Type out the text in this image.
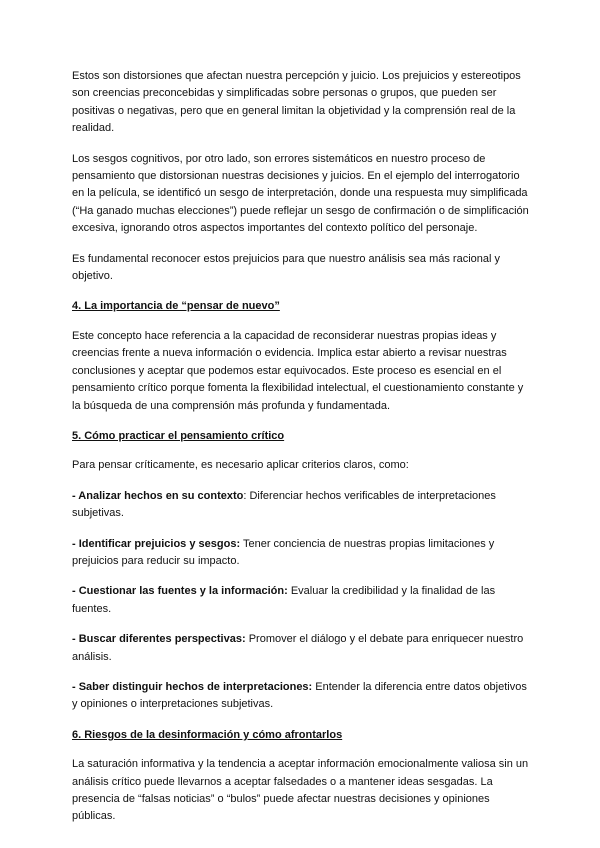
Estos son distorsiones que afectan nuestra percepción y juicio. Los prejuicios y estereotipos son creencias preconcebidas y simplificadas sobre personas o grupos, que pueden ser positivas o negativas, pero que en general limitan la objetividad y la comprensión real de la realidad.

Los sesgos cognitivos, por otro lado, son errores sistemáticos en nuestro proceso de pensamiento que distorsionan nuestras decisiones y juicios. En el ejemplo del interrogatorio en la película, se identificó un sesgo de interpretación, donde una respuesta muy simplificada (“Ha ganado muchas elecciones”) puede reflejar un sesgo de confirmación o de simplificación excesiva, ignorando otros aspectos importantes del contexto político del personaje.

Es fundamental reconocer estos prejuicios para que nuestro análisis sea más racional y objetivo.

4. La importancia de “pensar de nuevo”

Este concepto hace referencia a la capacidad de reconsiderar nuestras propias ideas y creencias frente a nueva información o evidencia. Implica estar abierto a revisar nuestras conclusiones y aceptar que podemos estar equivocados. Este proceso es esencial en el pensamiento crítico porque fomenta la flexibilidad intelectual, el cuestionamiento constante y la búsqueda de una comprensión más profunda y fundamentada.

5. Cómo practicar el pensamiento crítico

Para pensar críticamente, es necesario aplicar criterios claros, como:

- Analizar hechos en su contexto: Diferenciar hechos verificables de interpretaciones subjetivas.

- Identificar prejuicios y sesgos: Tener conciencia de nuestras propias limitaciones y prejuicios para reducir su impacto.

- Cuestionar las fuentes y la información: Evaluar la credibilidad y la finalidad de las fuentes.

- Buscar diferentes perspectivas: Promover el diálogo y el debate para enriquecer nuestro análisis.

- Saber distinguir hechos de interpretaciones: Entender la diferencia entre datos objetivos y opiniones o interpretaciones subjetivas.

6. Riesgos de la desinformación y cómo afrontarlos

La saturación informativa y la tendencia a aceptar información emocionalmente valiosa sin un análisis crítico puede llevarnos a aceptar falsedades o a mantener ideas sesgadas. La presencia de “falsas noticias” o “bulos” puede afectar nuestras decisiones y opiniones públicas.
